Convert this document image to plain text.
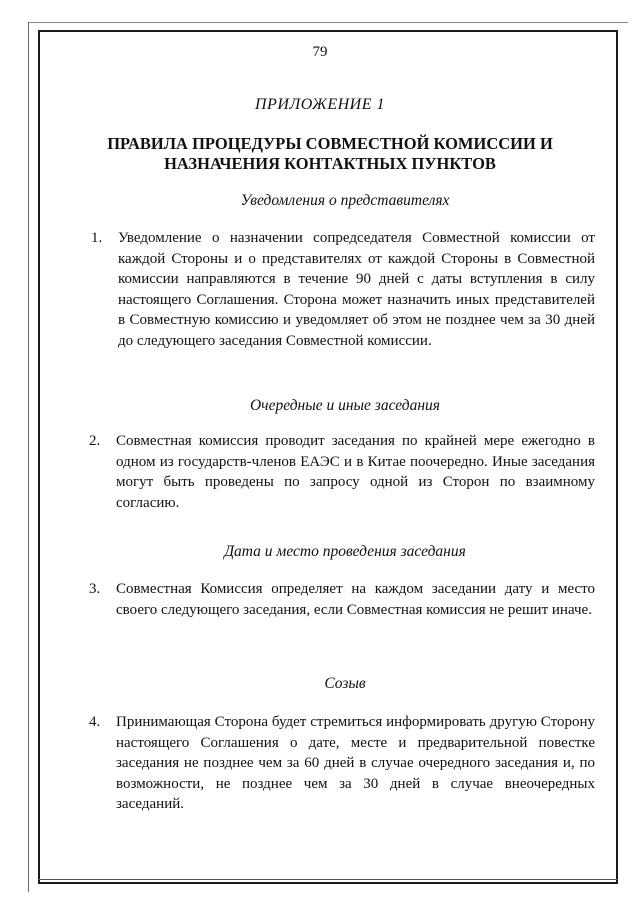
79
ПРИЛОЖЕНИЕ 1
ПРАВИЛА ПРОЦЕДУРЫ СОВМЕСТНОЙ КОМИССИИ И НАЗНАЧЕНИЯ КОНТАКТНЫХ ПУНКТОВ
Уведомления о представителях
1.	Уведомление о назначении сопредседателя Совместной комиссии от каждой Стороны и о представителях от каждой Стороны в Совместной комиссии направляются в течение 90 дней с даты вступления в силу настоящего Соглашения. Сторона может назначить иных представителей в Совместную комиссию и уведомляет об этом не позднее чем за 30 дней до следующего заседания Совместной комиссии.

Очередные и иные заседания
2.	Совместная комиссия проводит заседания по крайней мере ежегодно в одном из государств-членов ЕАЭС и в Китае поочередно. Иные заседания могут быть проведены по запросу одной из Сторон по взаимному согласию.

Дата и место проведения заседания
3.	Совместная Комиссия определяет на каждом заседании дату и место своего следующего заседания, если Совместная комиссия не решит иначе.

Созыв
4.	Принимающая Сторона будет стремиться информировать другую Сторону настоящего Соглашения о дате, месте и предварительной повестке заседания не позднее чем за 60 дней в случае очередного заседания и, по возможности, не позднее чем за 30 дней в случае внеочередных заседаний.
